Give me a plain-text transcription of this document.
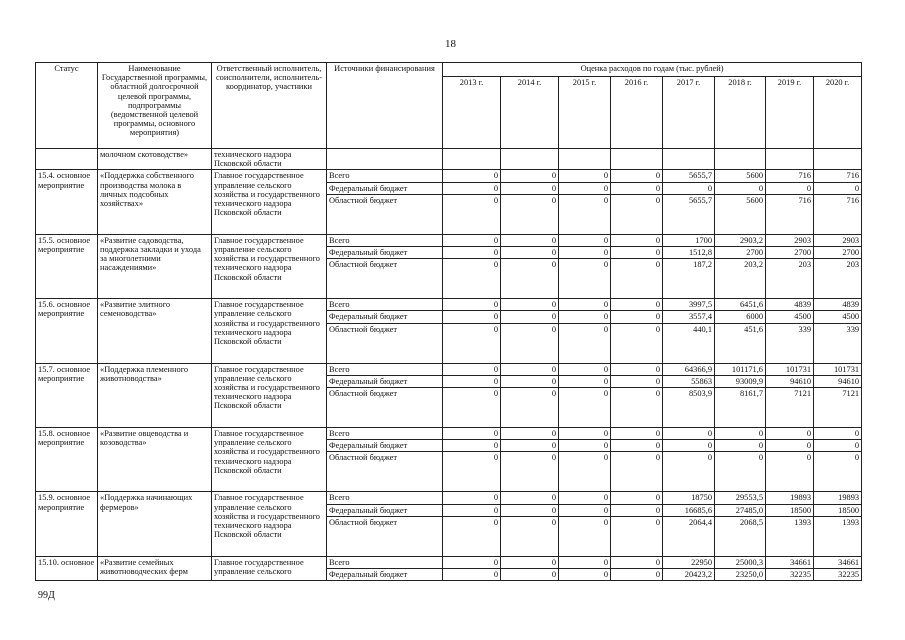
18
Статус	Наименование Государственной программы, областной долгосрочной целевой программы, подпрограммы (ведомственной целевой программы, основного мероприятия)	Ответственный исполнитель, соисполнители, исполнитель-координатор, участники	Источники финансирования	Оценка расходов по годам (тыс. рублей)							
				2013 г.	2014 г.	2015 г.	2016 г.	2017 г.	2018 г.	2019 г.	2020 г.
	молочном скотоводстве»	технического надзора Псковской области									
15.4. основное мероприятие	«Поддержка собственного производства молока в личных подсобных хозяйствах»	Главное государственное управление сельского хозяйства и государственного технического надзора Псковской области	Всего	0	0	0	0	5655,7	5600	716	716
			Федеральный бюджет	0	0	0	0	0	0	0	0
			Областной бюджет	0	0	0	0	5655,7	5600	716	716
15.5. основное мероприятие	«Развитие садоводства, поддержка закладки и ухода за многолетними насаждениями»	Главное государственное управление сельского хозяйства и государственного технического надзора Псковской области	Всего	0	0	0	0	1700	2903,2	2903	2903
			Федеральный бюджет	0	0	0	0	1512,8	2700	2700	2700
			Областной бюджет	0	0	0	0	187,2	203,2	203	203
15.6. основное мероприятие	«Развитие элитного семеноводства»	Главное государственное управление сельского хозяйства и государственного технического надзора Псковской области	Всего	0	0	0	0	3997,5	6451,6	4839	4839
			Федеральный бюджет	0	0	0	0	3557,4	6000	4500	4500
			Областной бюджет	0	0	0	0	440,1	451,6	339	339
15.7. основное мероприятие	«Поддержка племенного животноводства»	Главное государственное управление сельского хозяйства и государственного технического надзора Псковской области	Всего	0	0	0	0	64366,9	101171,6	101731	101731
			Федеральный бюджет	0	0	0	0	55863	93009,9	94610	94610
			Областной бюджет	0	0	0	0	8503,9	8161,7	7121	7121
15.8. основное мероприятие	«Развитие овцеводства и козоводства»	Главное государственное управление сельского хозяйства и государственного технического надзора Псковской области	Всего	0	0	0	0	0	0	0	0
			Федеральный бюджет	0	0	0	0	0	0	0	0
			Областной бюджет	0	0	0	0	0	0	0	0
15.9. основное мероприятие	«Поддержка начинающих фермеров»	Главное государственное управление сельского хозяйства и государственного технического надзора Псковской области	Всего	0	0	0	0	18750	29553,5	19893	19893
			Федеральный бюджет	0	0	0	0	16685,6	27485,0	18500	18500
			Областной бюджет	0	0	0	0	2064,4	2068,5	1393	1393
15.10. основное	«Развитие семейных животноводческих ферм	Главное государственное управление сельского	Всего	0	0	0	0	22950	25000,3	34661	34661
			Федеральный бюджет	0	0	0	0	20423,2	23250,0	32235	32235
99Д
